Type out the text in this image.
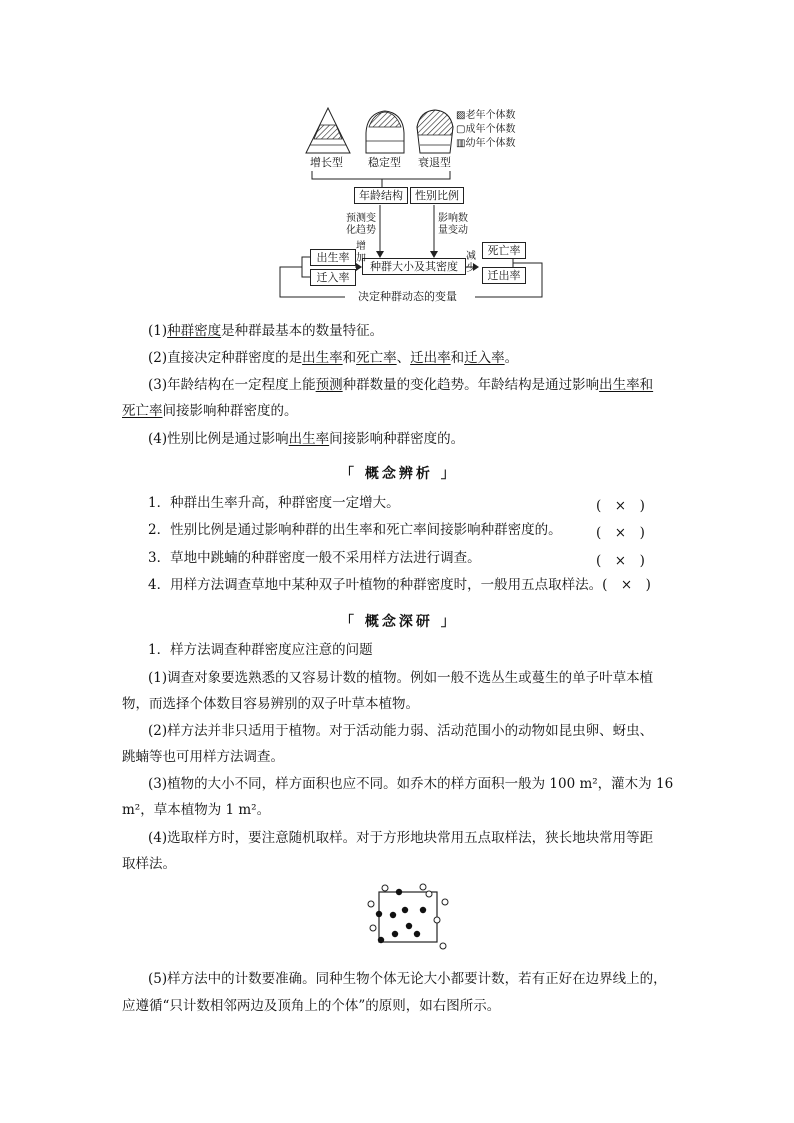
▨老年个体数
▢成年个体数
▥幼年个体数
增长型 稳定型 衰退型
年龄结构	性别比例
预测变
化趋势
影响数
量变动
种群大小及其密度
出生率
迁入率
增
加
死亡率
迁出率
减
少
决定种群动态的变量
(1)种群密度是种群最基本的数量特征。
(2)直接决定种群密度的是出生率和死亡率、迁出率和迁入率。
(3)年龄结构在一定程度上能预测种群数量的变化趋势。年龄结构是通过影响出生率和
死亡率间接影响种群密度的。
(4)性别比例是通过影响出生率间接影响种群密度的。
「 概念辨析 」
1．种群出生率升高，种群密度一定增大。	(　×　)
2．性别比例是通过影响种群的出生率和死亡率间接影响种群密度的。	(　×　)
3．草地中跳蝻的种群密度一般不采用样方法进行调查。	(　×　)
4．用样方法调查草地中某种双子叶植物的种群密度时，一般用五点取样法。(　×　)
「 概念深研 」
1．样方法调查种群密度应注意的问题
(1)调查对象要选熟悉的又容易计数的植物。例如一般不选丛生或蔓生的单子叶草本植
物，而选择个体数目容易辨别的双子叶草本植物。
(2)样方法并非只适用于植物。对于活动能力弱、活动范围小的动物如昆虫卵、蚜虫、
跳蝻等也可用样方法调查。
(3)植物的大小不同，样方面积也应不同。如乔木的样方面积一般为 100 m²，灌木为 16
m²，草本植物为 1 m²。
(4)选取样方时，要注意随机取样。对于方形地块常用五点取样法，狭长地块常用等距
取样法。
(5)样方法中的计数要准确。同种生物个体无论大小都要计数，若有正好在边界线上的，
应遵循“只计数相邻两边及顶角上的个体”的原则，如右图所示。
